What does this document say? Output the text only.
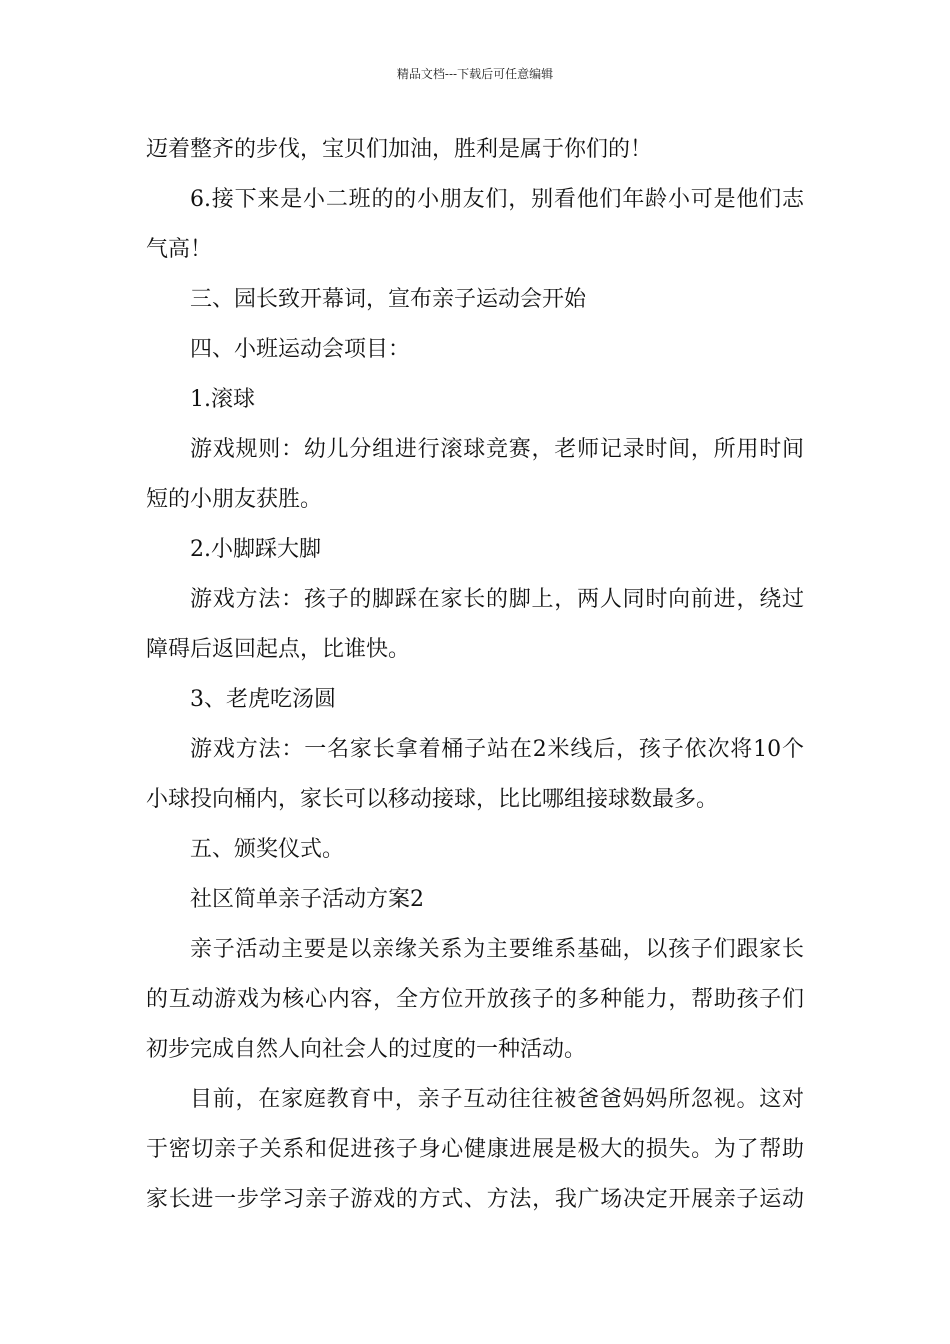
精品文档---下载后可任意编辑
迈着整齐的步伐，宝贝们加油，胜利是属于你们的！
6.接下来是小二班的的小朋友们，别看他们年龄小可是他们志
气高！
三、园长致开幕词，宣布亲子运动会开始
四、小班运动会项目：
1.滚球
游戏规则：幼儿分组进行滚球竞赛，老师记录时间，所用时间
短的小朋友获胜。
2.小脚踩大脚
游戏方法：孩子的脚踩在家长的脚上，两人同时向前进，绕过
障碍后返回起点，比谁快。
3、老虎吃汤圆
游戏方法：一名家长拿着桶子站在2米线后，孩子依次将10个
小球投向桶内，家长可以移动接球，比比哪组接球数最多。
五、颁奖仪式。
社区简单亲子活动方案2
亲子活动主要是以亲缘关系为主要维系基础，以孩子们跟家长
的互动游戏为核心内容，全方位开放孩子的多种能力，帮助孩子们
初步完成自然人向社会人的过度的一种活动。
目前，在家庭教育中，亲子互动往往被爸爸妈妈所忽视。这对
于密切亲子关系和促进孩子身心健康进展是极大的损失。为了帮助
家长进一步学习亲子游戏的方式、方法，我广场决定开展亲子运动
